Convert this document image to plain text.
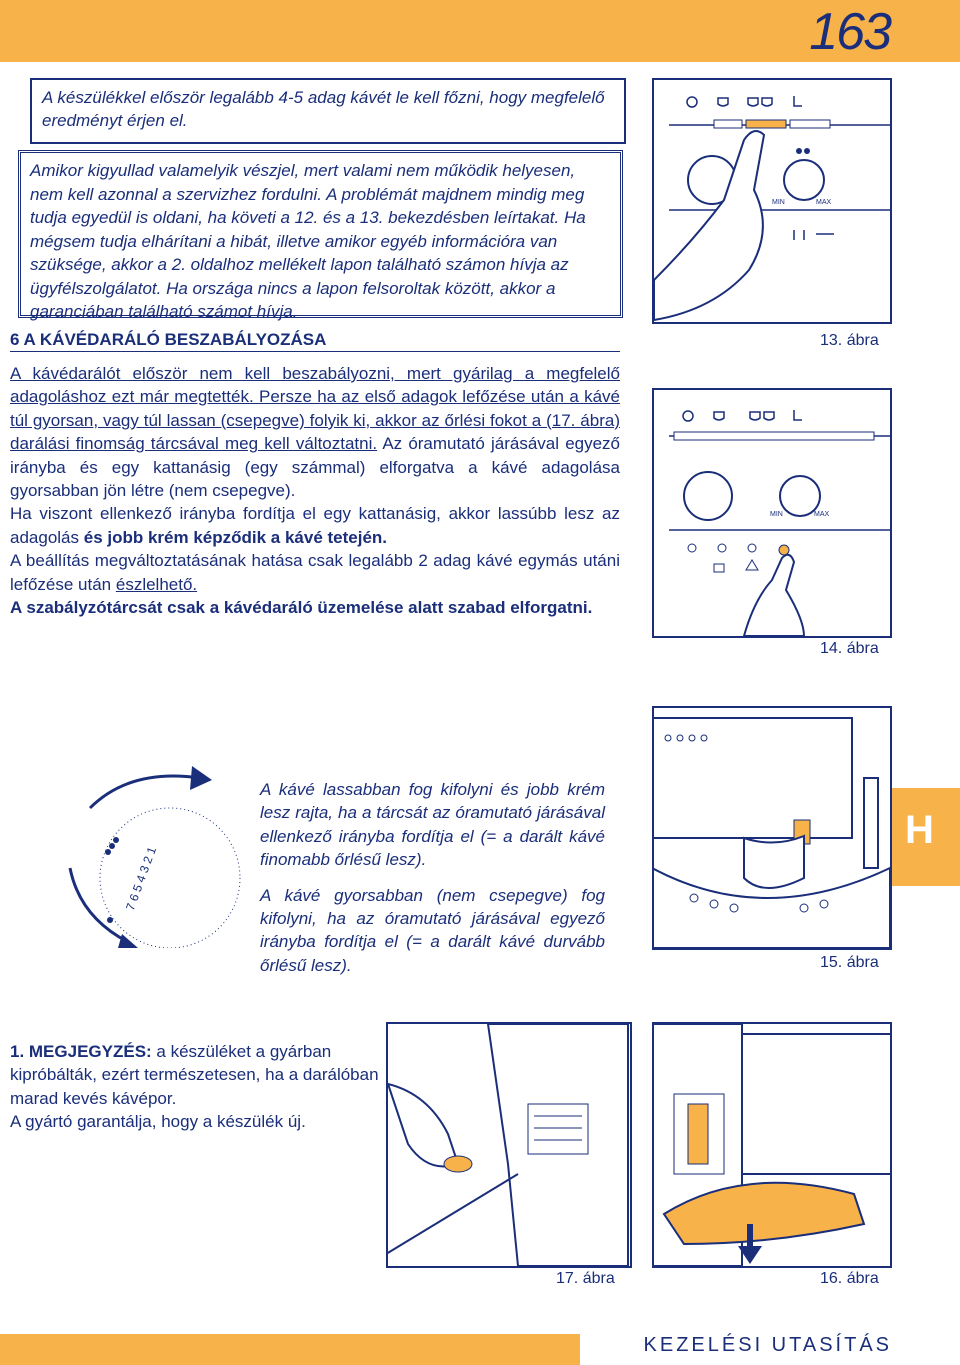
163
A készülékkel először legalább 4-5 adag kávét le kell főzni, hogy megfelelő eredményt érjen el.
Amikor kigyullad valamelyik vészjel, mert valami nem működik helyesen, nem kell azonnal a szervizhez fordulni. A problémát majdnem mindig meg tudja egyedül is oldani, ha követi a 12. és a 13. bekezdésben leírtakat. Ha mégsem tudja elhárítani a hibát, illetve amikor egyéb információra van szüksége, akkor a 2. oldalhoz mellékelt lapon található számon hívja az ügyfélszolgálatot. Ha országa nincs a lapon felsoroltak között, akkor a garanciában található számot hívja.
6 A KÁVÉDARÁLÓ BESZABÁLYOZÁSA

A kávédarálót először nem kell beszabályozni, mert gyárilag a megfelelő adagoláshoz ezt már megtették. Persze ha az első adagok lefőzése után a kávé túl gyorsan, vagy túl lassan (csepegve) folyik ki, akkor az őrlési fokot a (17. ábra) darálási finomság tárcsával meg kell változtatni. Az óramutató járásával egyező irányba és egy kattanásig (egy számmal) elforgatva a kávé adagolása gyorsabban jön létre (nem csepegve).

Ha viszont ellenkező irányba fordítja el egy kattanásig, akkor lassúbb lesz az adagolás és jobb krém képződik a kávé tetején.

A beállítás megváltoztatásának hatása csak legalább 2 adag kávé egymás utáni lefőzése után észlelhető.

A szabályzótárcsát csak a kávédaráló üzemelése alatt szabad elforgatni.

MIN	MAX
13. ábra
MIN	MAX
14. ábra
7 6 5 4 3 2 1

A kávé lassabban fog kifolyni és jobb krém lesz rajta, ha a tárcsát az óramutató járásával ellenkező irányba fordítja el (= a darált kávé finomabb őrlésű lesz).

A kávé gyorsabban (nem csepegve) fog kifolyni, ha az óramutató járásával egyező irányba fordítja el (= a darált kávé durvább őrlésű lesz).	15. ábra
H

1. MEGJEGYZÉS: a készüléket a gyárban kipróbálták, ezért természetesen, ha a darálóban marad kevés kávépor.

A gyártó garantálja, hogy a készülék új.

17. ábra	16. ábra
KEZELÉSI UTASÍTÁS
